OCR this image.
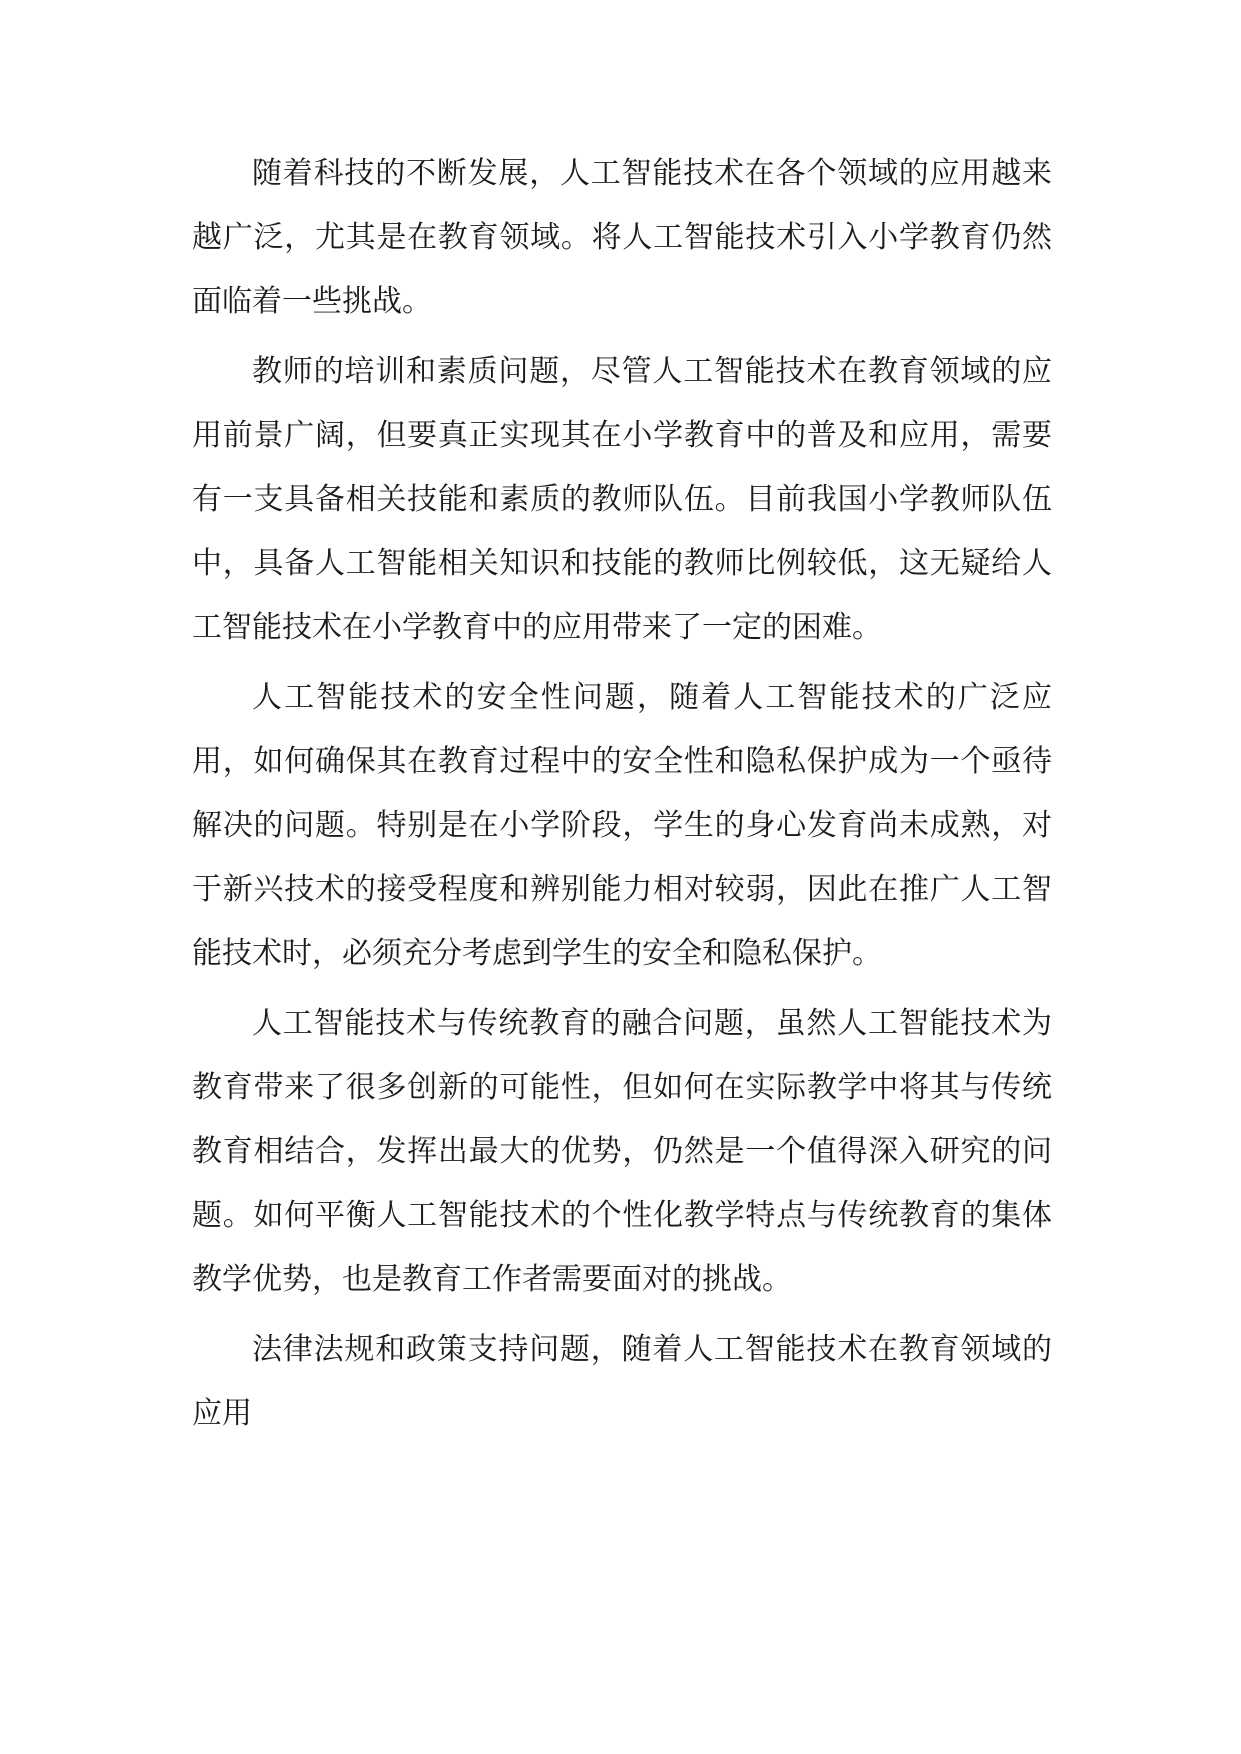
随着科技的不断发展，人工智能技术在各个领域的应用越来越广泛，尤其是在教育领域。将人工智能技术引入小学教育仍然面临着一些挑战。

教师的培训和素质问题，尽管人工智能技术在教育领域的应用前景广阔，但要真正实现其在小学教育中的普及和应用，需要有一支具备相关技能和素质的教师队伍。目前我国小学教师队伍中，具备人工智能相关知识和技能的教师比例较低，这无疑给人工智能技术在小学教育中的应用带来了一定的困难。

人工智能技术的安全性问题，随着人工智能技术的广泛应用，如何确保其在教育过程中的安全性和隐私保护成为一个亟待解决的问题。特别是在小学阶段，学生的身心发育尚未成熟，对于新兴技术的接受程度和辨别能力相对较弱，因此在推广人工智能技术时，必须充分考虑到学生的安全和隐私保护。

人工智能技术与传统教育的融合问题，虽然人工智能技术为教育带来了很多创新的可能性，但如何在实际教学中将其与传统教育相结合，发挥出最大的优势，仍然是一个值得深入研究的问题。如何平衡人工智能技术的个性化教学特点与传统教育的集体教学优势，也是教育工作者需要面对的挑战。

法律法规和政策支持问题，随着人工智能技术在教育领域的应用
